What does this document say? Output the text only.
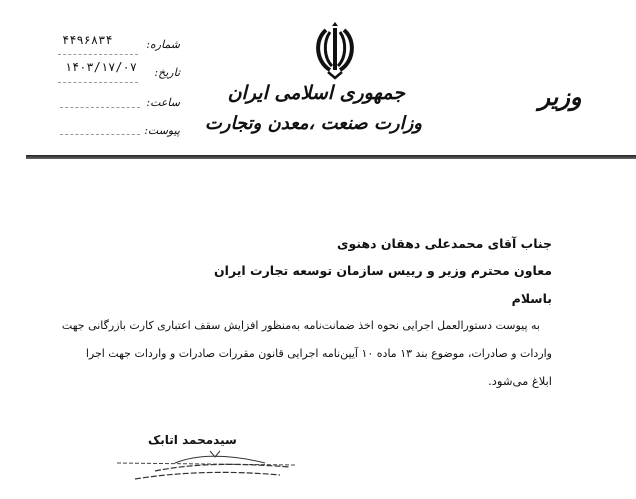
جمهوری اسلامی ایران
وزارت صنعت ،معدن وتجارت
وزیر
شماره:
۴۴۹۶۸۳۴
تاریخ:
۱۴۰۳/۱۷/۰۷
ساعت:
پیوست:
جناب آقای محمدعلی دهقان دهنوی
معاون محترم وزیر و رییس سازمان توسعه تجارت ایران
باسلام
به پیوست دستورالعمل اجرایی نحوه اخذ ضمانت‌نامه به‌منظور افزایش سقف اعتباری کارت بازرگانی جهت
واردات و صادرات، موضوع بند ۱۳ ماده ۱۰ آیین‌نامه اجرایی قانون مقررات صادرات و واردات جهت اجرا
ابلاغ می‌شود.
سیدمحمد اتابک
